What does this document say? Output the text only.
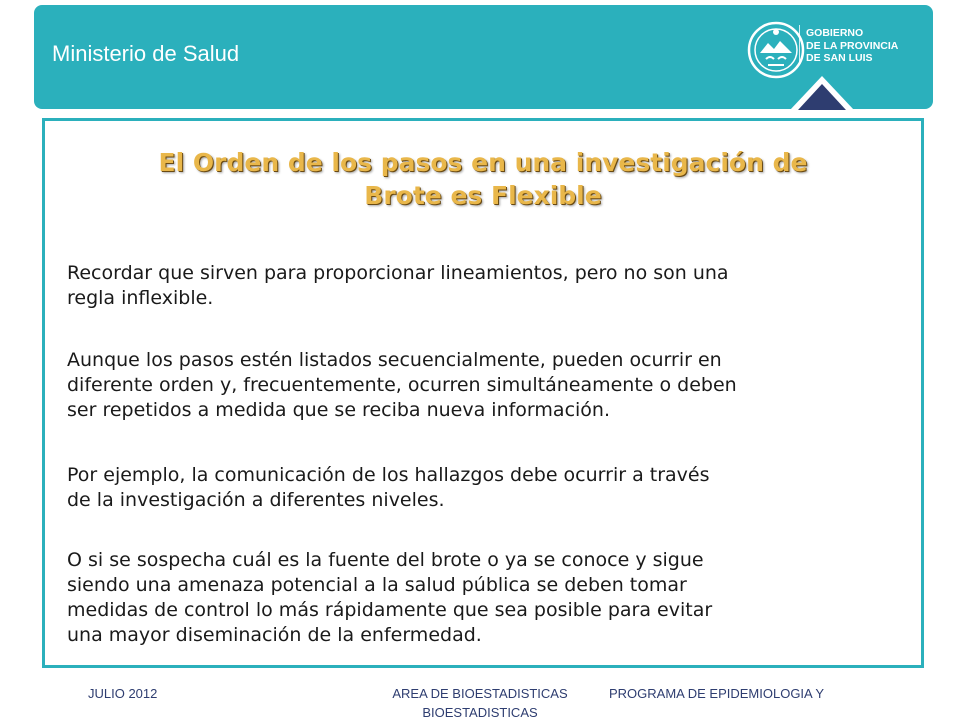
Ministerio de Salud
GOBIERNO
DE LA PROVINCIA
DE SAN LUIS
El Orden de los pasos en una investigación de
Brote es Flexible
Recordar que sirven para proporcionar lineamientos, pero no son una
regla inflexible.
Aunque los pasos estén listados secuencialmente, pueden ocurrir en
diferente orden y, frecuentemente, ocurren simultáneamente o deben
ser repetidos a medida que se reciba nueva información.
Por ejemplo, la comunicación de los hallazgos debe ocurrir a través
de la investigación a diferentes niveles.
O si se sospecha cuál es la fuente del brote o ya se conoce y sigue
siendo una amenaza potencial a la salud pública se deben tomar
medidas de control lo más rápidamente que sea posible para evitar
una mayor diseminación de la enfermedad.
JULIO 2012	AREA DE BIOESTADISTICAS
BIOESTADISTICAS
PROGRAMA DE EPIDEMIOLOGIA Y
